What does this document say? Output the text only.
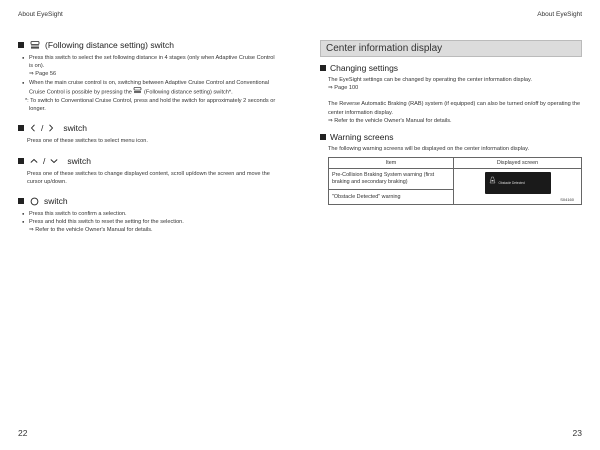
About EyeSight	About EyeSight
(Following distance setting) switch
● Press this switch to select the set following distance in 4 stages (only when Adaptive Cruise Control is on).
⇒ Page 56
● When the main cruise control is on, switching between Adaptive Cruise Control and Conventional Cruise Control is possible by pressing the (Following distance setting) switch*.
*: To switch to Conventional Cruise Control, press and hold the switch for approximately 2 seconds or longer.
/ switch
Press one of these switches to select menu icon.
/	switch
Press one of these switches to change displayed content, scroll up/down the screen and move the cursor up/down.
switch
● Press this switch to confirm a selection.
● Press and hold this switch to reset the setting for the selection.
⇒ Refer to the vehicle Owner's Manual for details.
Center information display
Changing settings
The EyeSight settings can be changed by operating the center information display.
⇒ Page 100
The Reverse Automatic Braking (RAB) system (if equipped) can also be turned on/off by operating the center information display.
⇒ Refer to the vehicle Owner's Manual for details.
Warning screens
The following warning screens will be displayed on the center information display.
Item	Displayed screen
Pre-Collision Braking System warning (first braking and secondary braking)	Obstacle Detected
S04160

"Obstacle Detected" warning	
22	23
